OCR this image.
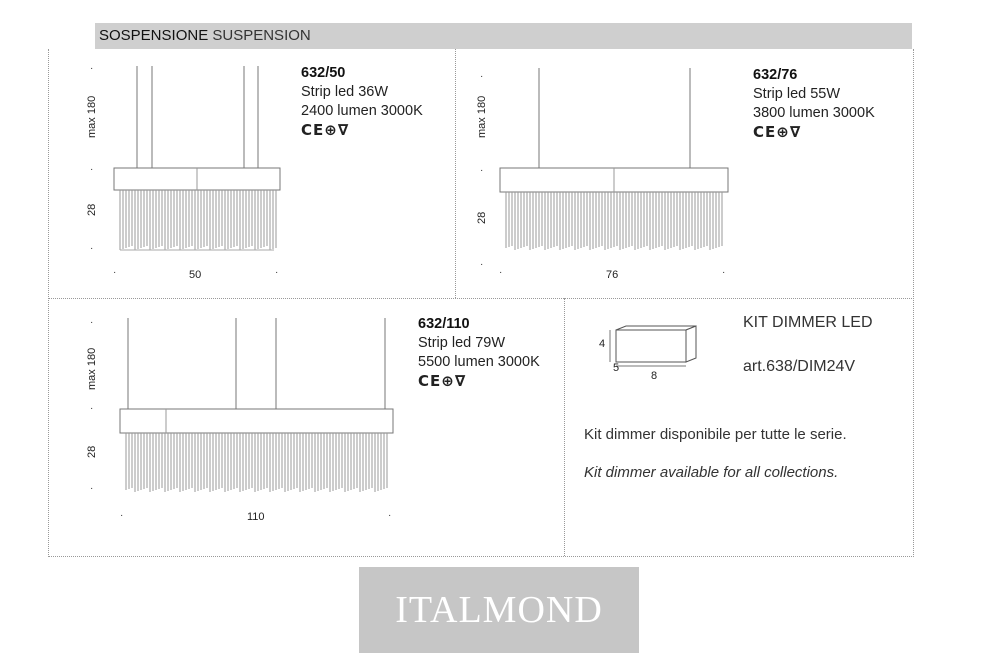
SOSPENSIONE SUSPENSION
max 180
28
50
·
·
·
·	·
632/50
Strip led 36W
2400 lumen 3000K
CE⊕∇	max 180
28
76
·
·
·
·	·
632/76
Strip led 55W
3800 lumen 3000K
CE⊕∇
max 180
28
110
·
·
·
·	·
632/110
Strip led 79W
5500 lumen 3000K
CE⊕∇
4
5
8
KIT DIMMER LED
art.638/DIM24V
Kit dimmer disponibile per tutte le serie.
Kit dimmer available for all collections.
ITALMOND
